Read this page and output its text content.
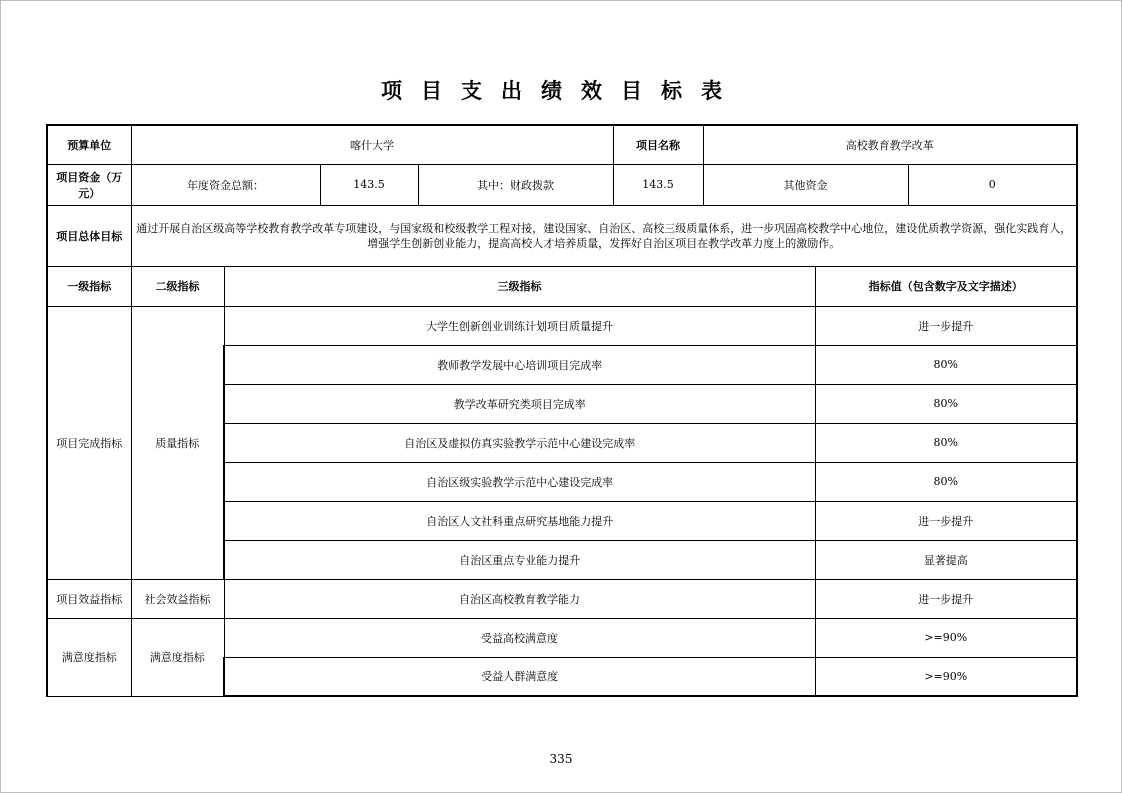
项目支出绩效目标表
预算单位	喀什大学				项目名称	高校教育教学改革		
项目资金（万元）	年度资金总额：		143.5	其中：财政拨款	143.5	其他资金		0
项目总体目标	通过开展自治区级高等学校教育教学改革专项建设，与国家级和校级教学工程对接，建设国家、自治区、高校三级质量体系，进一步巩固高校教学中心地位，建设优质教学资源，强化实践育人，增强学生创新创业能力，提高高校人才培养质量，发挥好自治区项目在教学改革力度上的激励作。							
一级指标	二级指标	三级指标					指标值（包含数字及文字描述）	
项目完成指标	质量指标	大学生创新创业训练计划项目质量提升					进一步提升	
		教师教学发展中心培训项目完成率					80%	
		教学改革研究类项目完成率					80%	
		自治区及虚拟仿真实验教学示范中心建设完成率					80%	
		自治区级实验教学示范中心建设完成率					80%	
		自治区人文社科重点研究基地能力提升					进一步提升	
		自治区重点专业能力提升					显著提高	
项目效益指标	社会效益指标	自治区高校教育教学能力					进一步提升	
满意度指标	满意度指标	受益高校满意度					>=90%	
		受益人群满意度					>=90%	
335
